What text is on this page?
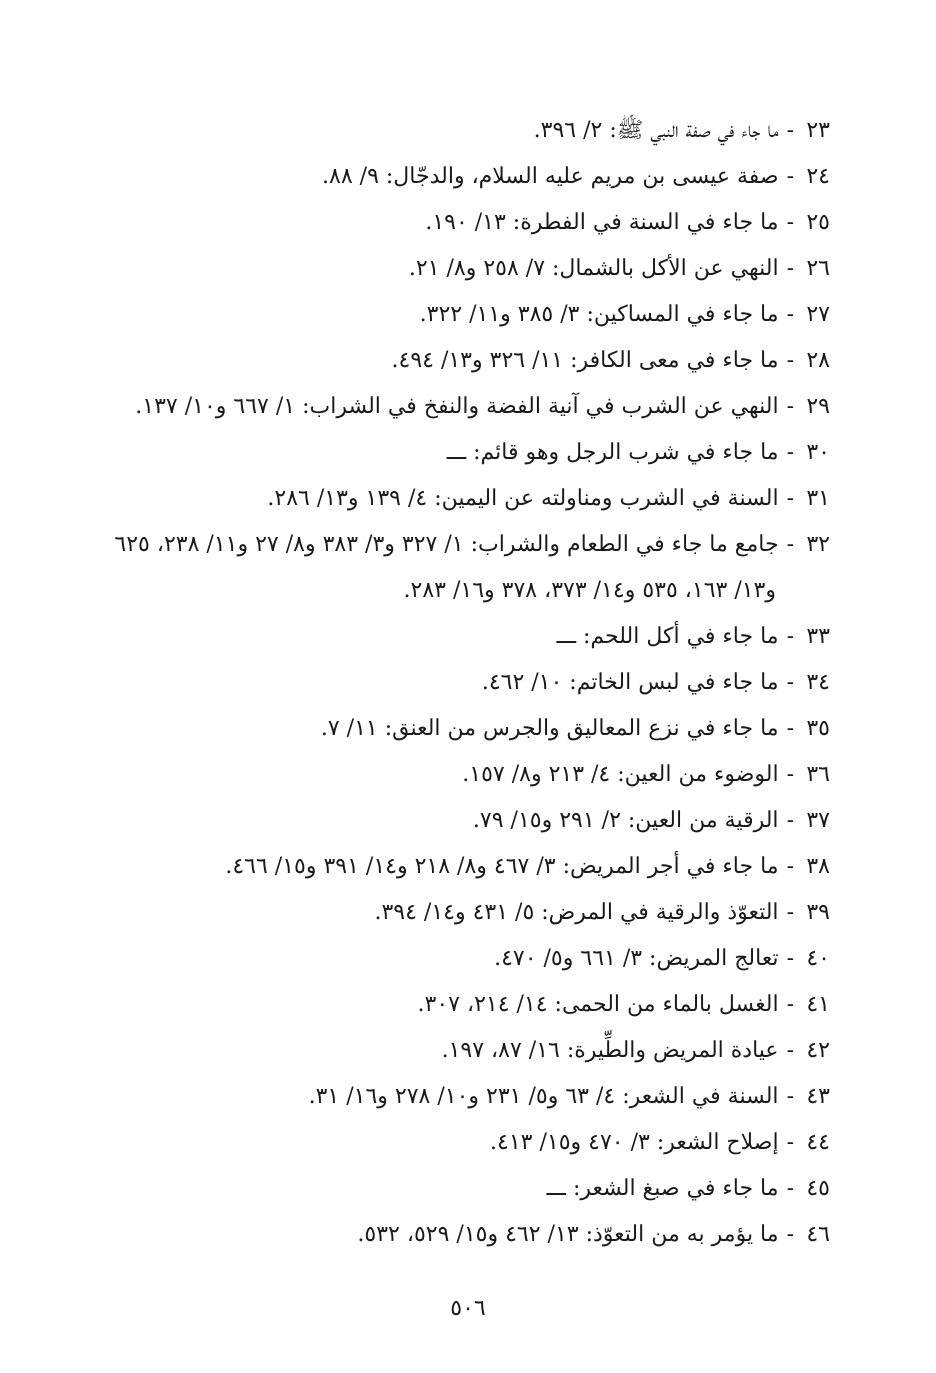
٢٣-ما جاء في صفة النبي ﷺ: ٢/ ٣٩٦.
٢٤-صفة عيسى بن مريم عليه السلام، والدجّال: ٩/ ٨٨.
٢٥-ما جاء في السنة في الفطرة: ١٣/ ١٩٠.
٢٦-النهي عن الأكل بالشمال: ٧/ ٢٥٨ و٨/ ٢١.
٢٧-ما جاء في المساكين: ٣/ ٣٨٥ و١١/ ٣٢٢.
٢٨-ما جاء في معى الكافر: ١١/ ٣٢٦ و١٣/ ٤٩٤.
٢٩-النهي عن الشرب في آنية الفضة والنفخ في الشراب: ١/ ٦٦٧ و١٠/ ١٣٧.
٣٠-ما جاء في شرب الرجل وهو قائم: ـــ
٣١-السنة في الشرب ومناولته عن اليمين: ٤/ ١٣٩ و١٣/ ٢٨٦.
٣٢-جامع ما جاء في الطعام والشراب: ١/ ٣٢٧ و٣/ ٣٨٣ و٨/ ٢٧ و١١/ ٢٣٨، ٦٢٥
و١٣/ ١٦٣، ٥٣٥ و١٤/ ٣٧٣، ٣٧٨ و١٦/ ٢٨٣.
٣٣-ما جاء في أكل اللحم: ـــ
٣٤-ما جاء في لبس الخاتم: ١٠/ ٤٦٢.
٣٥-ما جاء في نزع المعاليق والجرس من العنق: ١١/ ٧.
٣٦-الوضوء من العين: ٤/ ٢١٣ و٨/ ١٥٧.
٣٧-الرقية من العين: ٢/ ٢٩١ و١٥/ ٧٩.
٣٨-ما جاء في أجر المريض: ٣/ ٤٦٧ و٨/ ٢١٨ و١٤/ ٣٩١ و١٥/ ٤٦٦.
٣٩-التعوّذ والرقية في المرض: ٥/ ٤٣١ و١٤/ ٣٩٤.
٤٠-تعالج المريض: ٣/ ٦٦١ و٥/ ٤٧٠.
٤١-الغسل بالماء من الحمى: ١٤/ ٢١٤، ٣٠٧.
٤٢-عيادة المريض والطِّيرة: ١٦/ ٨٧، ١٩٧.
٤٣-السنة في الشعر: ٤/ ٦٣ و٥/ ٢٣١ و١٠/ ٢٧٨ و١٦/ ٣١.
٤٤-إصلاح الشعر: ٣/ ٤٧٠ و١٥/ ٤١٣.
٤٥-ما جاء في صبغ الشعر: ـــ
٤٦-ما يؤمر به من التعوّذ: ١٣/ ٤٦٢ و١٥/ ٥٢٩، ٥٣٢.
٥٠٦
